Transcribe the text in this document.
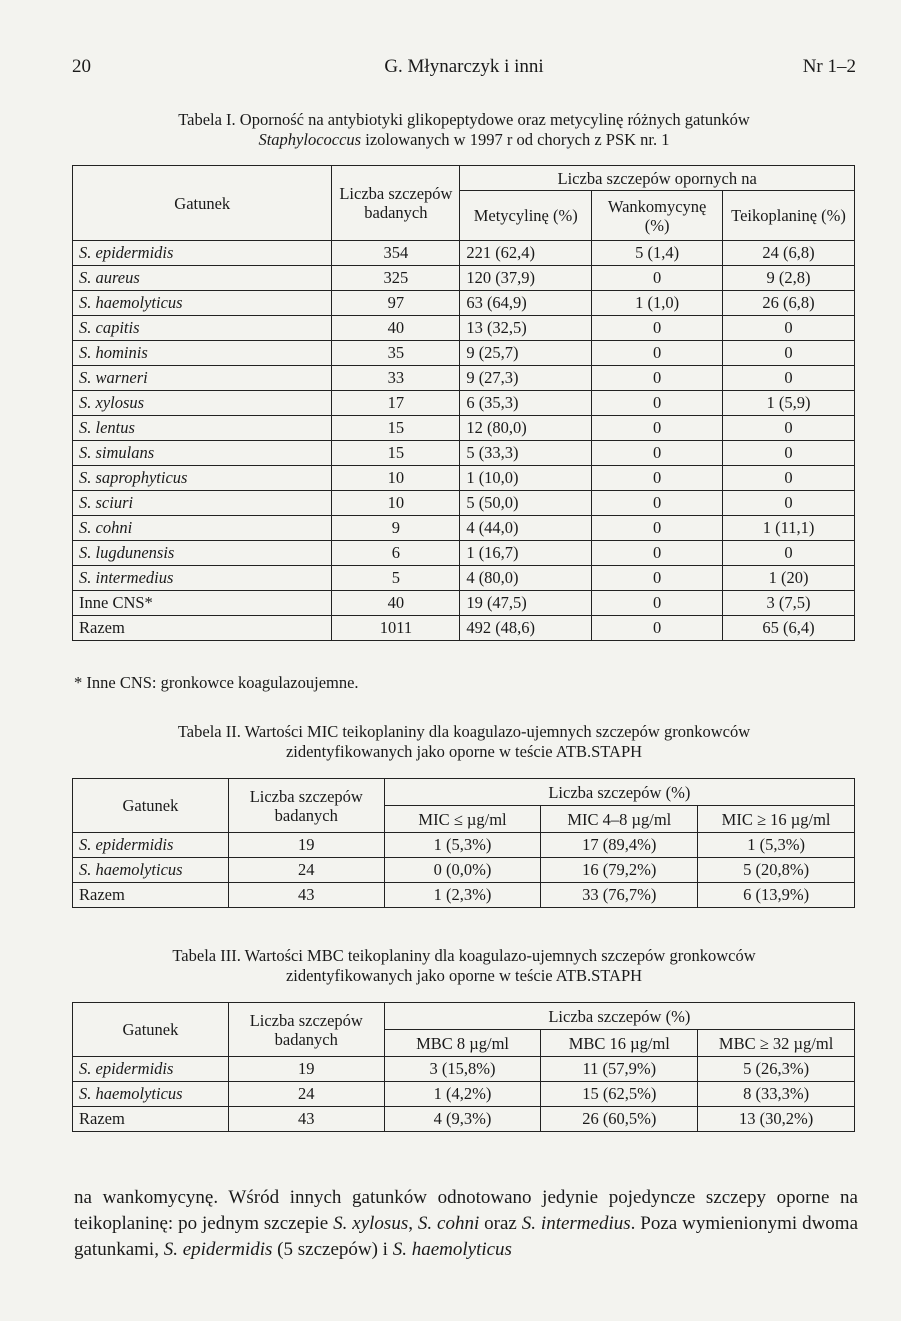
20	G. Młynarczyk i inni	Nr 1–2
Tabela I. Oporność na antybiotyki glikopeptydowe oraz metycylinę różnych gatunków
Staphylococcus izolowanych w 1997 r od chorych z PSK nr. 1
Gatunek	Liczba szczepów badanych	Liczba szczepów opornych na		
		Metycylinę (%)	Wankomycynę (%)	Teikoplaninę (%)
S. epidermidis	354	221 (62,4)	5 (1,4)	24 (6,8)
S. aureus	325	120 (37,9)	0	9 (2,8)
S. haemolyticus	97	63 (64,9)	1 (1,0)	26 (6,8)
S. capitis	40	13 (32,5)	0	0
S. hominis	35	9 (25,7)	0	0
S. warneri	33	9 (27,3)	0	0
S. xylosus	17	6 (35,3)	0	1 (5,9)
S. lentus	15	12 (80,0)	0	0
S. simulans	15	5 (33,3)	0	0
S. saprophyticus	10	1 (10,0)	0	0
S. sciuri	10	5 (50,0)	0	0
S. cohni	9	4 (44,0)	0	1 (11,1)
S. lugdunensis	6	1 (16,7)	0	0
S. intermedius	5	4 (80,0)	0	1 (20)
Inne CNS*	40	19 (47,5)	0	3 (7,5)
Razem	1011	492 (48,6)	0	65 (6,4)
* Inne CNS: gronkowce koagulazoujemne.
Tabela II. Wartości MIC teikoplaniny dla koagulazo-ujemnych szczepów gronkowców
zidentyfikowanych jako oporne w teście ATB.STAPH
Gatunek	Liczba szczepów badanych	Liczba szczepów (%)		
		MIC ≤ µg/ml	MIC 4–8 µg/ml	MIC ≥ 16 µg/ml
S. epidermidis	19	1 (5,3%)	17 (89,4%)	1 (5,3%)
S. haemolyticus	24	0 (0,0%)	16 (79,2%)	5 (20,8%)
Razem	43	1 (2,3%)	33 (76,7%)	6 (13,9%)
Tabela III. Wartości MBC teikoplaniny dla koagulazo-ujemnych szczepów gronkowców
zidentyfikowanych jako oporne w teście ATB.STAPH
Gatunek	Liczba szczepów badanych	Liczba szczepów (%)		
		MBC 8 µg/ml	MBC 16 µg/ml	MBC ≥ 32 µg/ml
S. epidermidis	19	3 (15,8%)	11 (57,9%)	5 (26,3%)
S. haemolyticus	24	1 (4,2%)	15 (62,5%)	8 (33,3%)
Razem	43	4 (9,3%)	26 (60,5%)	13 (30,2%)
na wankomycynę. Wśród innych gatunków odnotowano jedynie pojedyncze szczepy oporne na teikoplaninę: po jednym szczepie S. xylosus, S. cohni oraz S. intermedius. Poza wymienionymi dwoma gatunkami, S. epidermidis (5 szczepów) i S. haemolyticus
